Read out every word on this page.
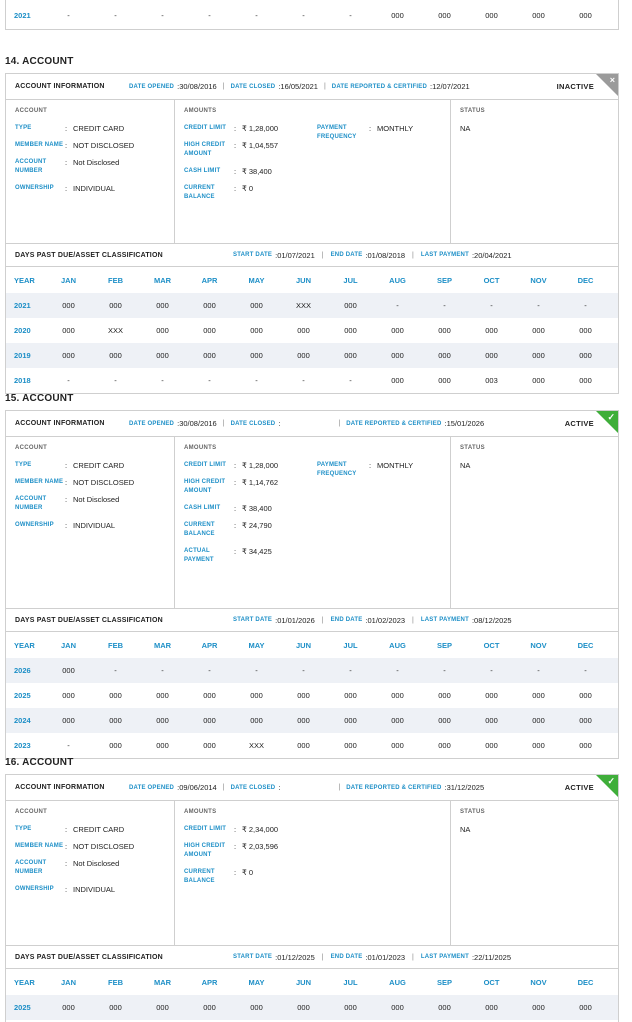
2021	-	-	-	-	-	-	-	000	000	000	000	000
14. ACCOUNT
ACCOUNT INFORMATION	DATE OPENED : 30/08/2016 | DATE CLOSED : 16/05/2021 | DATE REPORTED & CERTIFIED : 12/07/2021	INACTIVE
×
ACCOUNT
TYPE	: CREDIT CARD
MEMBER NAME : NOT DISCLOSED
ACCOUNT NUMBER
: Not Disclosed
OWNERSHIP	: INDIVIDUAL
AMOUNTS
CREDIT LIMIT	: ₹ 1,28,000
HIGH CREDIT AMOUNT
: ₹ 1,04,557
CASH LIMIT	: ₹ 38,400
CURRENT BALANCE
: ₹ 0
PAYMENT FREQUENCY
: MONTHLY
STATUS
NA
DAYS PAST DUE/ASSET CLASSIFICATION	START DATE : 01/07/2021 | END DATE : 01/08/2018 | LAST PAYMENT : 20/04/2021
YEAR	JAN	FEB	MAR	APR	MAY	JUN	JUL	AUG	SEP	OCT	NOV	DEC
2021	000	000	000	000	000	XXX	000	-	-	-	-	-
2020	000	XXX	000	000	000	000	000	000	000	000	000	000
2019	000	000	000	000	000	000	000	000	000	000	000	000
2018	-	-	-	-	-	-	-	000	000	003	000	000
15. ACCOUNT
ACCOUNT INFORMATION	DATE OPENED : 30/08/2016 | DATE CLOSED :	| DATE REPORTED & CERTIFIED : 15/01/2026	ACTIVE
✓
ACCOUNT
TYPE	: CREDIT CARD
MEMBER NAME : NOT DISCLOSED
ACCOUNT NUMBER
: Not Disclosed
OWNERSHIP	: INDIVIDUAL
AMOUNTS
CREDIT LIMIT	: ₹ 1,28,000
HIGH CREDIT AMOUNT
: ₹ 1,14,762
CASH LIMIT	: ₹ 38,400
CURRENT BALANCE
: ₹ 24,790
ACTUAL PAYMENT
: ₹ 34,425
PAYMENT FREQUENCY
: MONTHLY
STATUS
NA
DAYS PAST DUE/ASSET CLASSIFICATION	START DATE : 01/01/2026 | END DATE : 01/02/2023 | LAST PAYMENT : 08/12/2025
YEAR	JAN	FEB	MAR	APR	MAY	JUN	JUL	AUG	SEP	OCT	NOV	DEC
2026	000	-	-	-	-	-	-	-	-	-	-	-
2025	000	000	000	000	000	000	000	000	000	000	000	000
2024	000	000	000	000	000	000	000	000	000	000	000	000
2023	-	000	000	000	XXX	000	000	000	000	000	000	000
16. ACCOUNT
ACCOUNT INFORMATION	DATE OPENED : 09/06/2014 | DATE CLOSED :	| DATE REPORTED & CERTIFIED : 31/12/2025	ACTIVE
✓
ACCOUNT
TYPE	: CREDIT CARD
MEMBER NAME : NOT DISCLOSED
ACCOUNT NUMBER
: Not Disclosed
OWNERSHIP	: INDIVIDUAL
AMOUNTS
CREDIT LIMIT	: ₹ 2,34,000
HIGH CREDIT AMOUNT
: ₹ 2,03,596
CURRENT BALANCE
: ₹ 0
STATUS
NA
DAYS PAST DUE/ASSET CLASSIFICATION	START DATE : 01/12/2025 | END DATE : 01/01/2023 | LAST PAYMENT : 22/11/2025
YEAR	JAN	FEB	MAR	APR	MAY	JUN	JUL	AUG	SEP	OCT	NOV	DEC
2025	000	000	000	000	000	000	000	000	000	000	000	000
